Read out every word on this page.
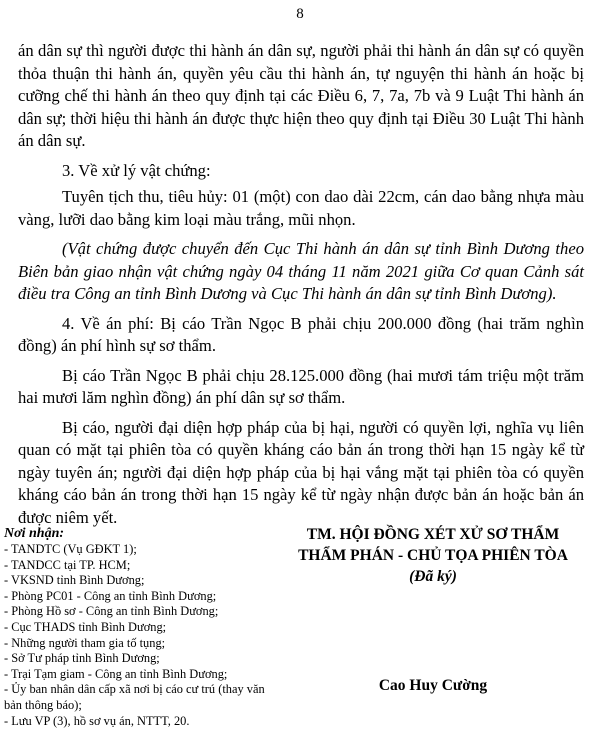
8

án dân sự thì người được thi hành án dân sự, người phải thi hành án dân sự có quyền thỏa thuận thi hành án, quyền yêu cầu thi hành án, tự nguyện thi hành án hoặc bị cưỡng chế thi hành án theo quy định tại các Điều 6, 7, 7a, 7b và 9 Luật Thi hành án dân sự; thời hiệu thi hành án được thực hiện theo quy định tại Điều 30 Luật Thi hành án dân sự.

3. Về xử lý vật chứng:

Tuyên tịch thu, tiêu hủy: 01 (một) con dao dài 22cm, cán dao bằng nhựa màu vàng, lưỡi dao bằng kim loại màu trắng, mũi nhọn.

(Vật chứng được chuyển đến Cục Thi hành án dân sự tỉnh Bình Dương theo Biên bản giao nhận vật chứng ngày 04 tháng 11 năm 2021 giữa Cơ quan Cảnh sát điều tra Công an tỉnh Bình Dương và Cục Thi hành án dân sự tỉnh Bình Dương).

4. Về án phí: Bị cáo Trần Ngọc B phải chịu 200.000 đồng (hai trăm nghìn đồng) án phí hình sự sơ thẩm.

Bị cáo Trần Ngọc B phải chịu 28.125.000 đồng (hai mươi tám triệu một trăm hai mươi lăm nghìn đồng) án phí dân sự sơ thẩm.

Bị cáo, người đại diện hợp pháp của bị hại, người có quyền lợi, nghĩa vụ liên quan có mặt tại phiên tòa có quyền kháng cáo bản án trong thời hạn 15 ngày kể từ ngày tuyên án; người đại diện hợp pháp của bị hại vắng mặt tại phiên tòa có quyền kháng cáo bản án trong thời hạn 15 ngày kể từ ngày nhận được bản án hoặc bản án được niêm yết.

Nơi nhận:
- TANDTC (Vụ GĐKT 1);
- TANDCC tại TP. HCM;
- VKSND tỉnh Bình Dương;
- Phòng PC01 - Công an tỉnh Bình Dương;
- Phòng Hồ sơ - Công an tỉnh Bình Dương;
- Cục THADS tỉnh Bình Dương;
- Những người tham gia tố tụng;
- Sở Tư pháp tỉnh Bình Dương;
- Trại Tạm giam - Công an tỉnh Bình Dương;
- Ủy ban nhân dân cấp xã nơi bị cáo cư trú (thay văn bản thông báo);
- Lưu VP (3), hồ sơ vụ án, NTTT, 20.
TM. HỘI ĐỒNG XÉT XỬ SƠ THẨM
THẨM PHÁN - CHỦ TỌA PHIÊN TÒA
(Đã ký)
Cao Huy Cường
